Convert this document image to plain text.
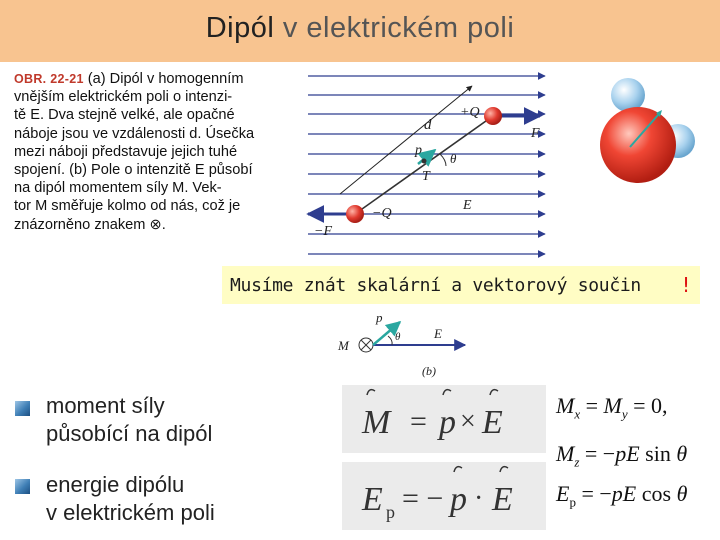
Dipól v elektrickém poli
OBR. 22-21 (a) Dipól v homogenním
vnějším elektrickém poli o intenzi-
tě E. Dva stejně velké, ale opačné
náboje jsou ve vzdálenosti d. Úsečka
mezi náboji představuje jejich tuhé
spojení. (b) Pole o intenzitě E působí
na dipól momentem síly M. Vek-
tor M směřuje kolmo od nás, což je
znázorněno znakem ⊗.
+Q
−Q
d
p
θ
T
E
F
−F
Musíme znát skalární a vektorový součin !
M
p
θ	E
(b)
moment síly
působící na dipól	M = p × E $M_x = M_y = 0$,
$M_z = -pE$ sin θ
energie dipólu
v elektrickém poli	E p = − p · E $E_p = -pE$ cos θ
